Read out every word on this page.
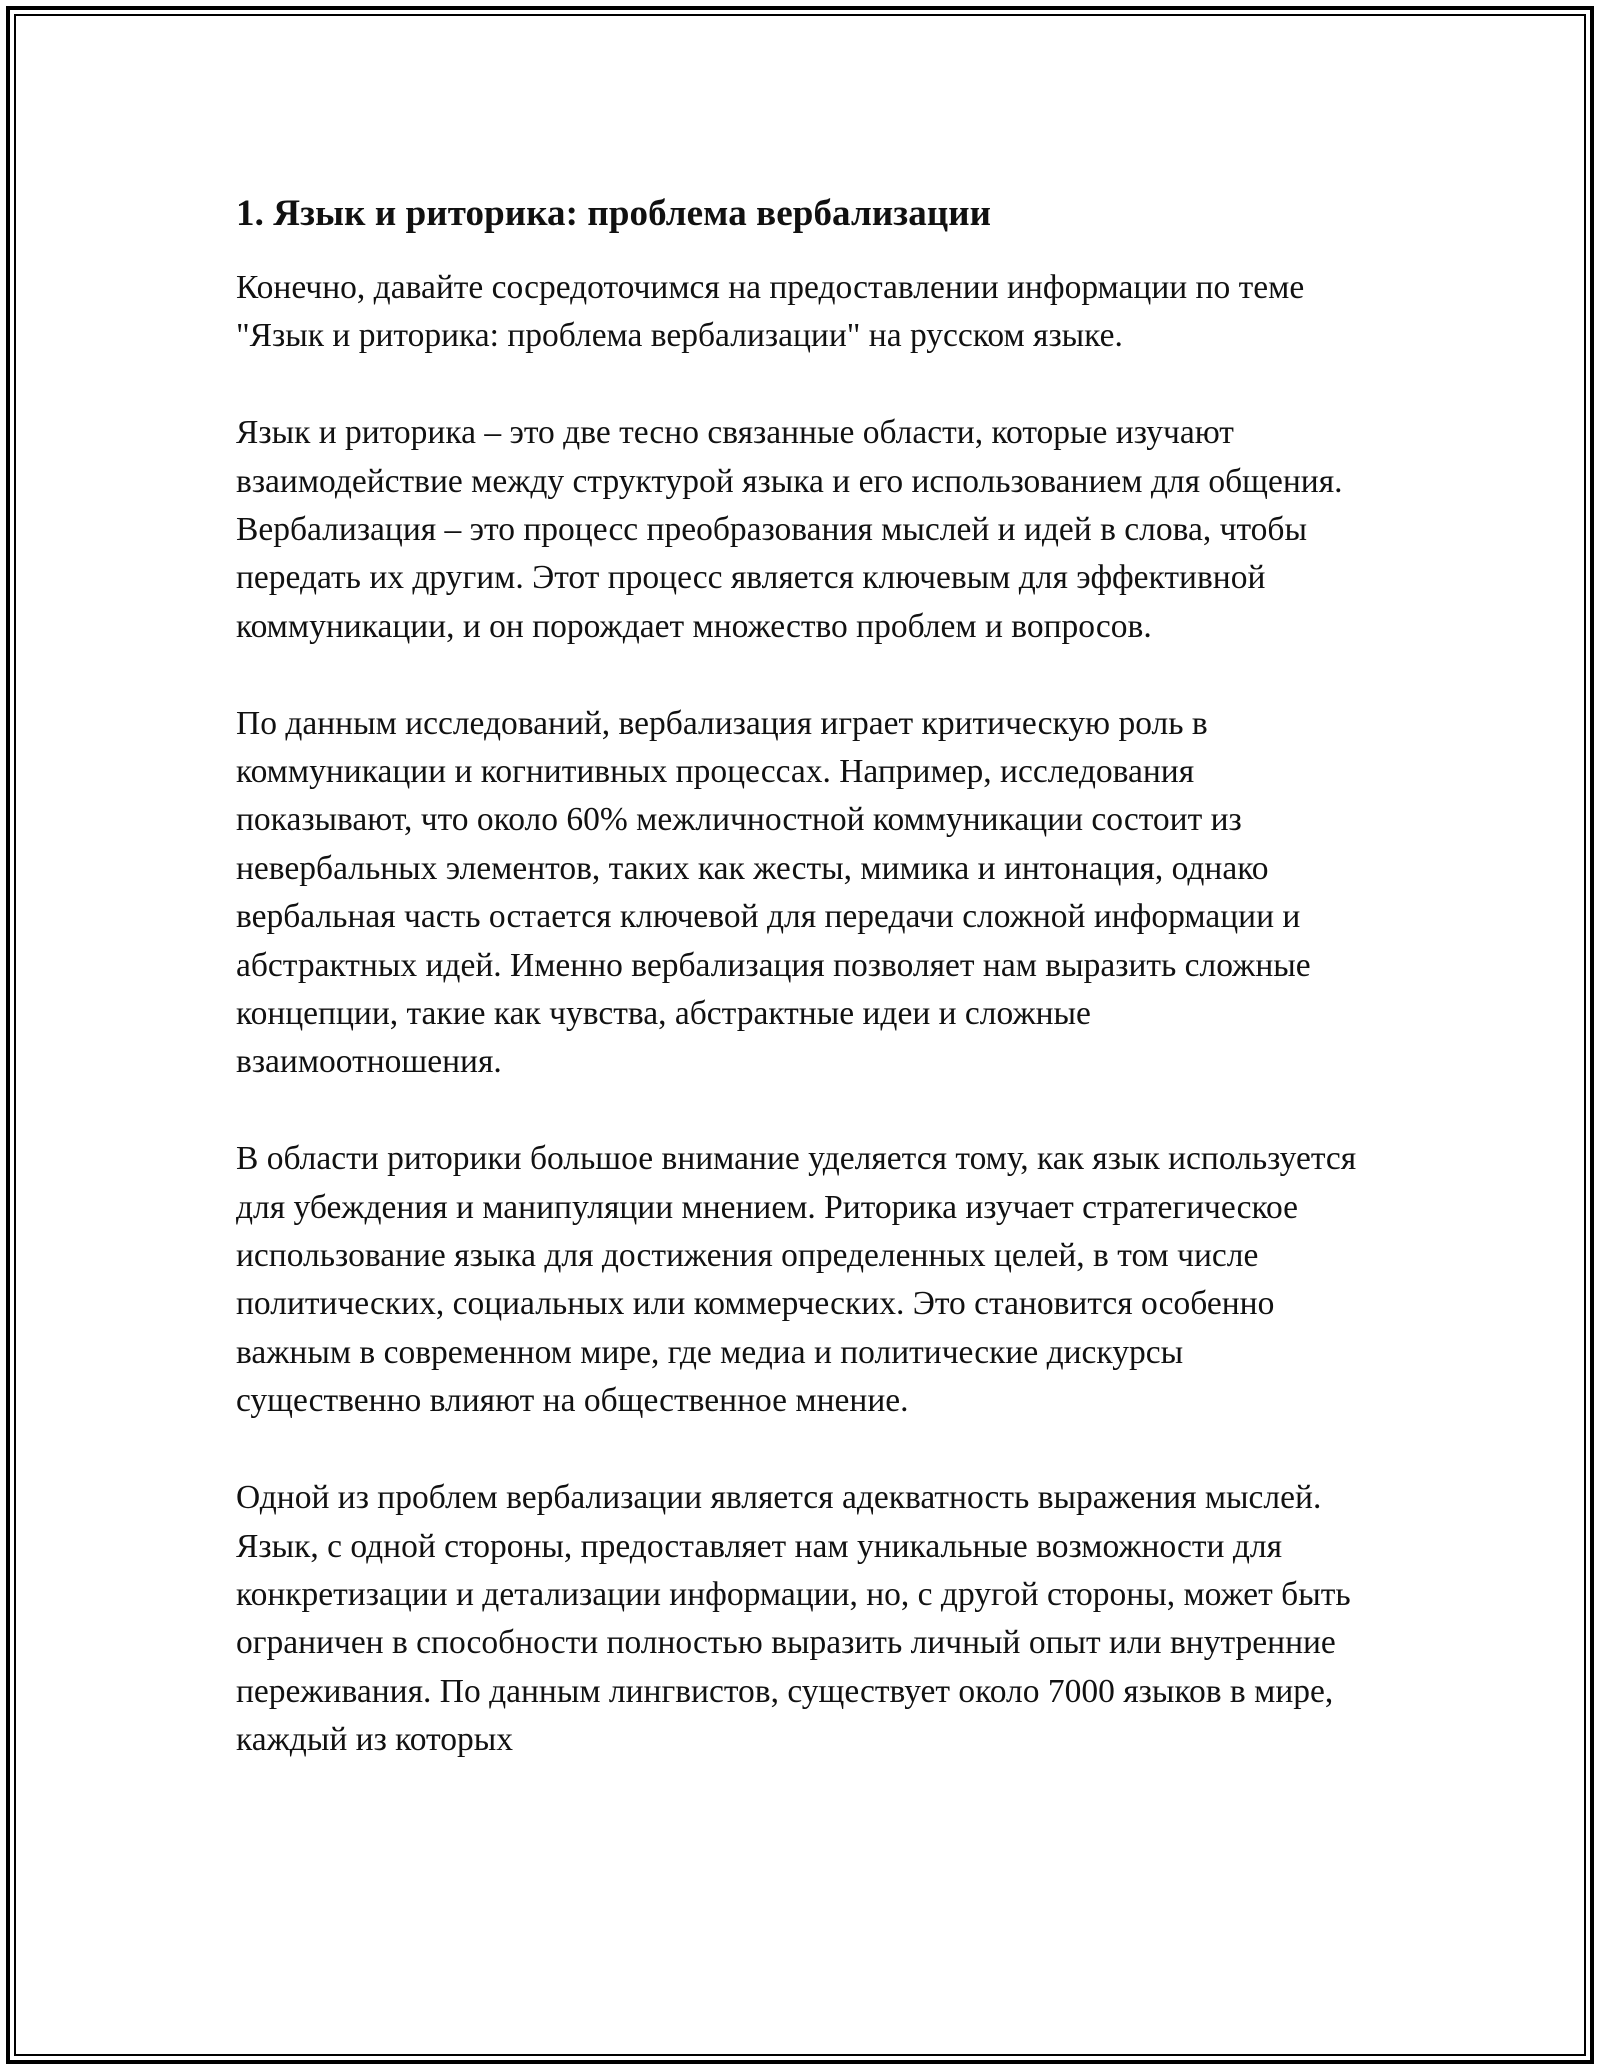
1. Язык и риторика: проблема вербализации

Конечно, давайте сосредоточимся на предоставлении информации по теме "Язык и риторика: проблема вербализации" на русском языке.

Язык и риторика – это две тесно связанные области, которые изучают взаимодействие между структурой языка и его использованием для общения. Вербализация – это процесс преобразования мыслей и идей в слова, чтобы передать их другим. Этот процесс является ключевым для эффективной коммуникации, и он порождает множество проблем и вопросов.

По данным исследований, вербализация играет критическую роль в коммуникации и когнитивных процессах. Например, исследования показывают, что около 60% межличностной коммуникации состоит из невербальных элементов, таких как жесты, мимика и интонация, однако вербальная часть остается ключевой для передачи сложной информации и абстрактных идей. Именно вербализация позволяет нам выразить сложные концепции, такие как чувства, абстрактные идеи и сложные взаимоотношения.

В области риторики большое внимание уделяется тому, как язык используется для убеждения и манипуляции мнением. Риторика изучает стратегическое использование языка для достижения определенных целей, в том числе политических, социальных или коммерческих. Это становится особенно важным в современном мире, где медиа и политические дискурсы существенно влияют на общественное мнение.

Одной из проблем вербализации является адекватность выражения мыслей. Язык, с одной стороны, предоставляет нам уникальные возможности для конкретизации и детализации информации, но, с другой стороны, может быть ограничен в способности полностью выразить личный опыт или внутренние переживания. По данным лингвистов, существует около 7000 языков в мире, каждый из которых
